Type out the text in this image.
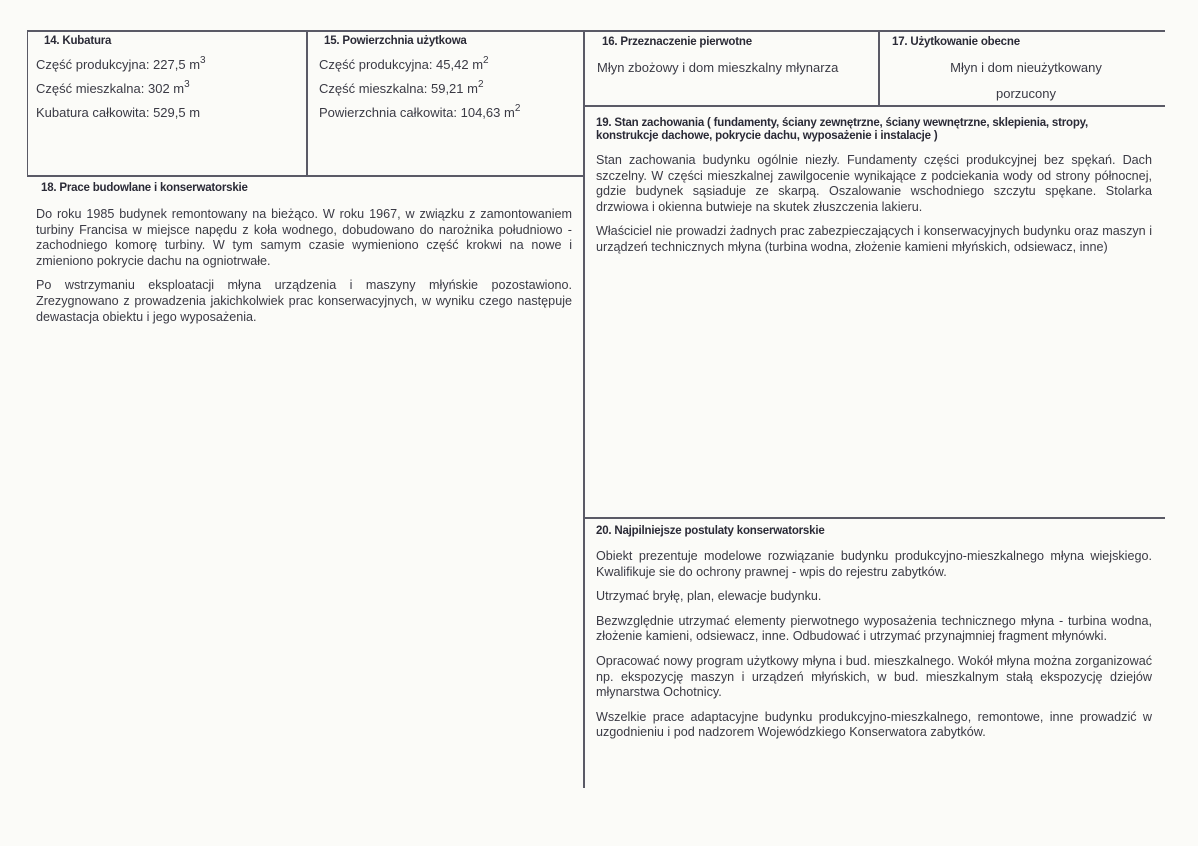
14. Kubatura

Część produkcyjna: 227,5 $m^3$

Część mieszkalna: 302 $m^3$

Kubatura całkowita: 529,5 m

15. Powierzchnia użytkowa

Część produkcyjna: 45,42 $m^2$

Część mieszkalna: 59,21 $m^2$

Powierzchnia całkowita: 104,63 $m^2$

16. Przeznaczenie pierwotne

Młyn zbożowy i dom mieszkalny młynarza

17. Użytkowanie obecne

Młyn i dom nieużytkowany

porzucony

18. Prace budowlane i konserwatorskie

Do roku 1985 budynek remontowany na bieżąco. W roku 1967, w związku z zamontowaniem turbiny Francisa w miejsce napędu z koła wodnego, dobudowano do narożnika południowo - zachodniego komorę turbiny. W tym samym czasie wymieniono część krokwi na nowe i zmieniono pokrycie dachu na ogniotrwałe.

Po wstrzymaniu eksploatacji młyna urządzenia i maszyny młyńskie pozostawiono. Zrezygnowano z prowadzenia jakichkolwiek prac konserwacyjnych, w wyniku czego następuje dewastacja obiektu i jego wyposażenia.

19. Stan zachowania ( fundamenty, ściany zewnętrzne, ściany wewnętrzne, sklepienia, stropy, konstrukcje dachowe, pokrycie dachu, wyposażenie i instalacje )

Stan zachowania budynku ogólnie niezły. Fundamenty części produkcyjnej bez spękań. Dach szczelny. W części mieszkalnej zawilgocenie wynikające z podciekania wody od strony północnej, gdzie budynek sąsiaduje ze skarpą. Oszalowanie wschodniego szczytu spękane. Stolarka drzwiowa i okienna butwieje na skutek złuszczenia lakieru.

Właściciel nie prowadzi żadnych prac zabezpieczających i konserwacyjnych budynku oraz maszyn i urządzeń technicznych młyna (turbina wodna, złożenie kamieni młyńskich, odsiewacz, inne)

20. Najpilniejsze postulaty konserwatorskie

Obiekt prezentuje modelowe rozwiązanie budynku produkcyjno-mieszkalnego młyna wiejskiego. Kwalifikuje sie do ochrony prawnej - wpis do rejestru zabytków.

Utrzymać bryłę, plan, elewacje budynku.

Bezwzględnie utrzymać elementy pierwotnego wyposażenia technicznego młyna - turbina wodna, złożenie kamieni, odsiewacz, inne. Odbudować i utrzymać przynajmniej fragment młynówki.

Opracować nowy program użytkowy młyna i bud. mieszkalnego. Wokół młyna można zorganizować np. ekspozycję maszyn i urządzeń młyńskich, w bud. mieszkalnym stałą ekspozycję dziejów młynarstwa Ochotnicy.

Wszelkie prace adaptacyjne budynku produkcyjno-mieszkalnego, remontowe, inne prowadzić w uzgodnieniu i pod nadzorem Wojewódzkiego Konserwatora zabytków.
